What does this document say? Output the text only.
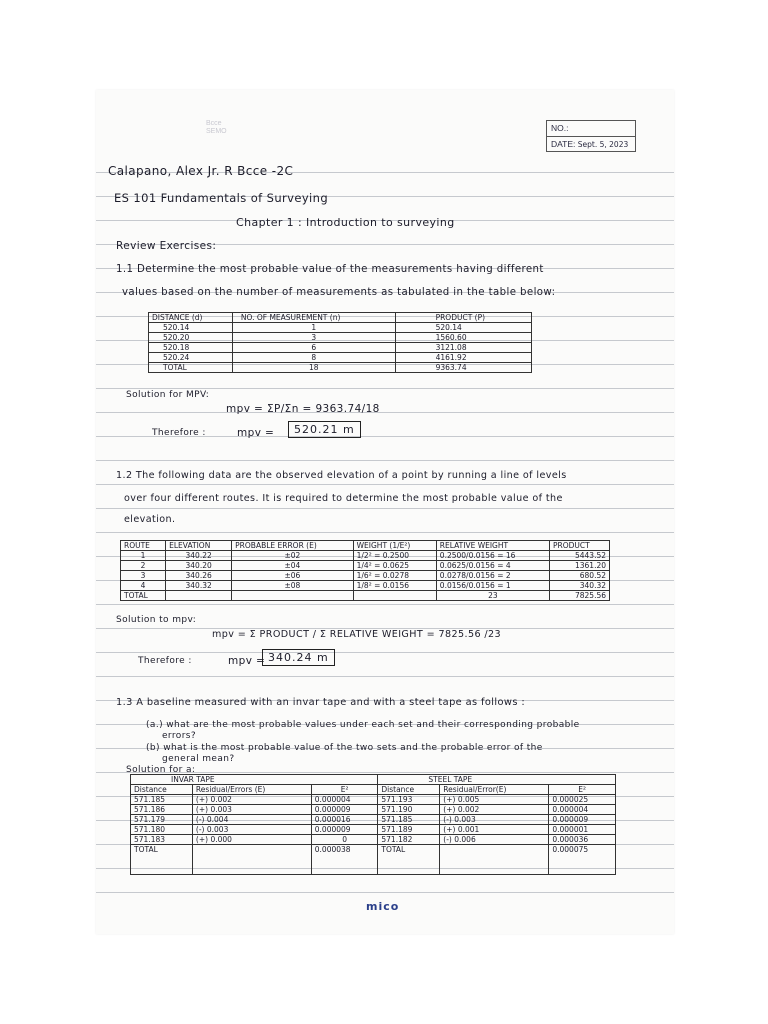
Bcce
SEMO	NO.:
DATE: Sept. 5, 2023
Calapano, Alex Jr. R Bcce -2C
ES 101 Fundamentals of Surveying
Chapter 1 : Introduction to surveying
Review Exercises:
1.1 Determine the most probable value of the measurements having different
values based on the number of measurements as tabulated in the table below:
DISTANCE (d)	NO. OF MEASUREMENT (n)	PRODUCT (P)
520.14	1	520.14
520.20	3	1560.60
520.18	6	3121.08
520.24	8	4161.92
TOTAL	18	9363.74
Solution for MPV:
mpv = ΣP/Σn = 9363.74/18
Therefore :	mpv =	520.21 m
1.2 The following data are the observed elevation of a point by running a line of levels
over four different routes. It is required to determine the most probable value of the
elevation.
ROUTE	ELEVATION	PROBABLE ERROR (E)	WEIGHT (1/E²)	RELATIVE WEIGHT	PRODUCT
1	340.22	±02	1/2² = 0.2500	0.2500/0.0156 = 16	5443.52
2	340.20	±04	1/4² = 0.0625	0.0625/0.0156 = 4	1361.20
3	340.26	±06	1/6² = 0.0278	0.0278/0.0156 = 2	680.52
4	340.32	±08	1/8² = 0.0156	0.0156/0.0156 = 1	340.32
TOTAL				23	7825.56
Solution to mpv:
mpv = Σ PRODUCT / Σ RELATIVE WEIGHT = 7825.56 /23
Therefore :	mpv = 340.24 m
1.3 A baseline measured with an invar tape and with a steel tape as follows :
(a.) what are the most probable values under each set and their corresponding probable
errors?
(b) what is the most probable value of the two sets and the probable error of the
general mean?
Solution for a:
INVAR TAPE			STEEL TAPE		
Distance	Residual/Errors (E)	E²	Distance	Residual/Error(E)	E²
571.185	(+) 0.002	0.000004	571.193	(+) 0.005	0.000025
571.186	(+) 0.003	0.000009	571.190	(+) 0.002	0.000004
571.179	(-) 0.004	0.000016	571.185	(-) 0.003	0.000009
571.180	(-) 0.003	0.000009	571.189	(+) 0.001	0.000001
571.183	(+) 0.000	0	571.182	(-) 0.006	0.000036
TOTAL		0.000038	TOTAL		0.000075
mico
